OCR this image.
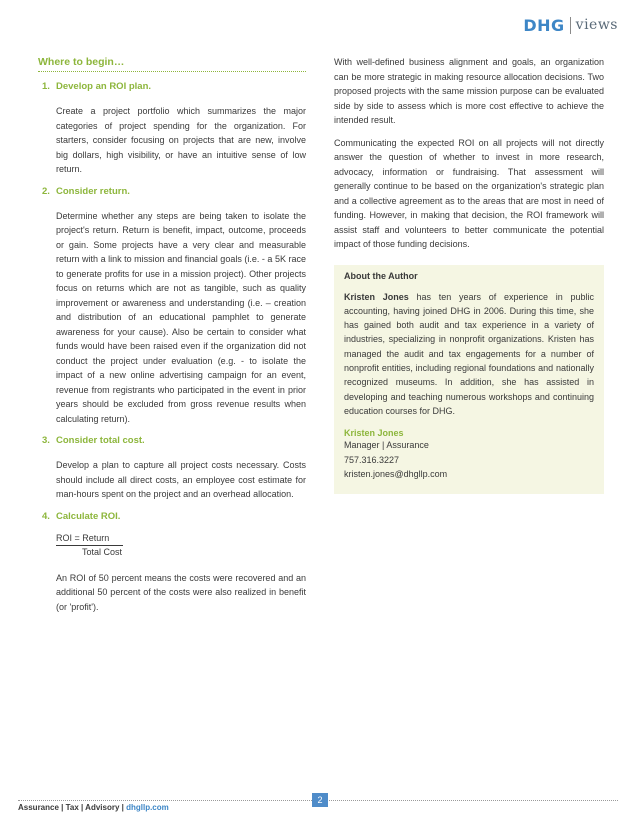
DHG views
Where to begin…
1. Develop an ROI plan.
Create a project portfolio which summarizes the major categories of project spending for the organization. For starters, consider focusing on projects that are new, involve big dollars, high visibility, or have an intuitive sense of low return.
2. Consider return.
Determine whether any steps are being taken to isolate the project's return. Return is benefit, impact, outcome, proceeds or gain. Some projects have a very clear and measurable return with a link to mission and financial goals (i.e. - a 5K race to generate profits for use in a mission project). Other projects focus on returns which are not as tangible, such as quality improvement or awareness and understanding (i.e. – creation and distribution of an educational pamphlet to generate awareness for your cause). Also be certain to consider what funds would have been raised even if the organization did not conduct the project under evaluation (e.g. - to isolate the impact of a new online advertising campaign for an event, revenue from registrants who participated in the event in prior years should be excluded from gross revenue results when calculating return).
3. Consider total cost.
Develop a plan to capture all project costs necessary. Costs should include all direct costs, an employee cost estimate for man-hours spent on the project and an overhead allocation.
4. Calculate ROI.
ROI = Return
Total Cost
An ROI of 50 percent means the costs were recovered and an additional 50 percent of the costs were also realized in benefit (or 'profit').

With well-defined business alignment and goals, an organization can be more strategic in making resource allocation decisions. Two proposed projects with the same mission purpose can be evaluated side by side to assess which is more cost effective to achieve the intended result.

Communicating the expected ROI on all projects will not directly answer the question of whether to invest in more research, advocacy, information or fundraising. That assessment will generally continue to be based on the organization's strategic plan and a collective agreement as to the areas that are most in need of funding. However, in making that decision, the ROI framework will assist staff and volunteers to better communicate the potential impact of those funding decisions.

About the Author
Kristen Jones has ten years of experience in public accounting, having joined DHG in 2006. During this time, she has gained both audit and tax experience in a variety of industries, specializing in nonprofit organizations. Kristen has managed the audit and tax engagements for a number of nonprofit entities, including regional foundations and nationally recognized museums. In addition, she has assisted in developing and teaching numerous workshops and continuing education courses for DHG.
Kristen Jones
Manager | Assurance
757.316.3227
kristen.jones@dhgllp.com
Assurance | Tax | Advisory | dhgllp.com
2
